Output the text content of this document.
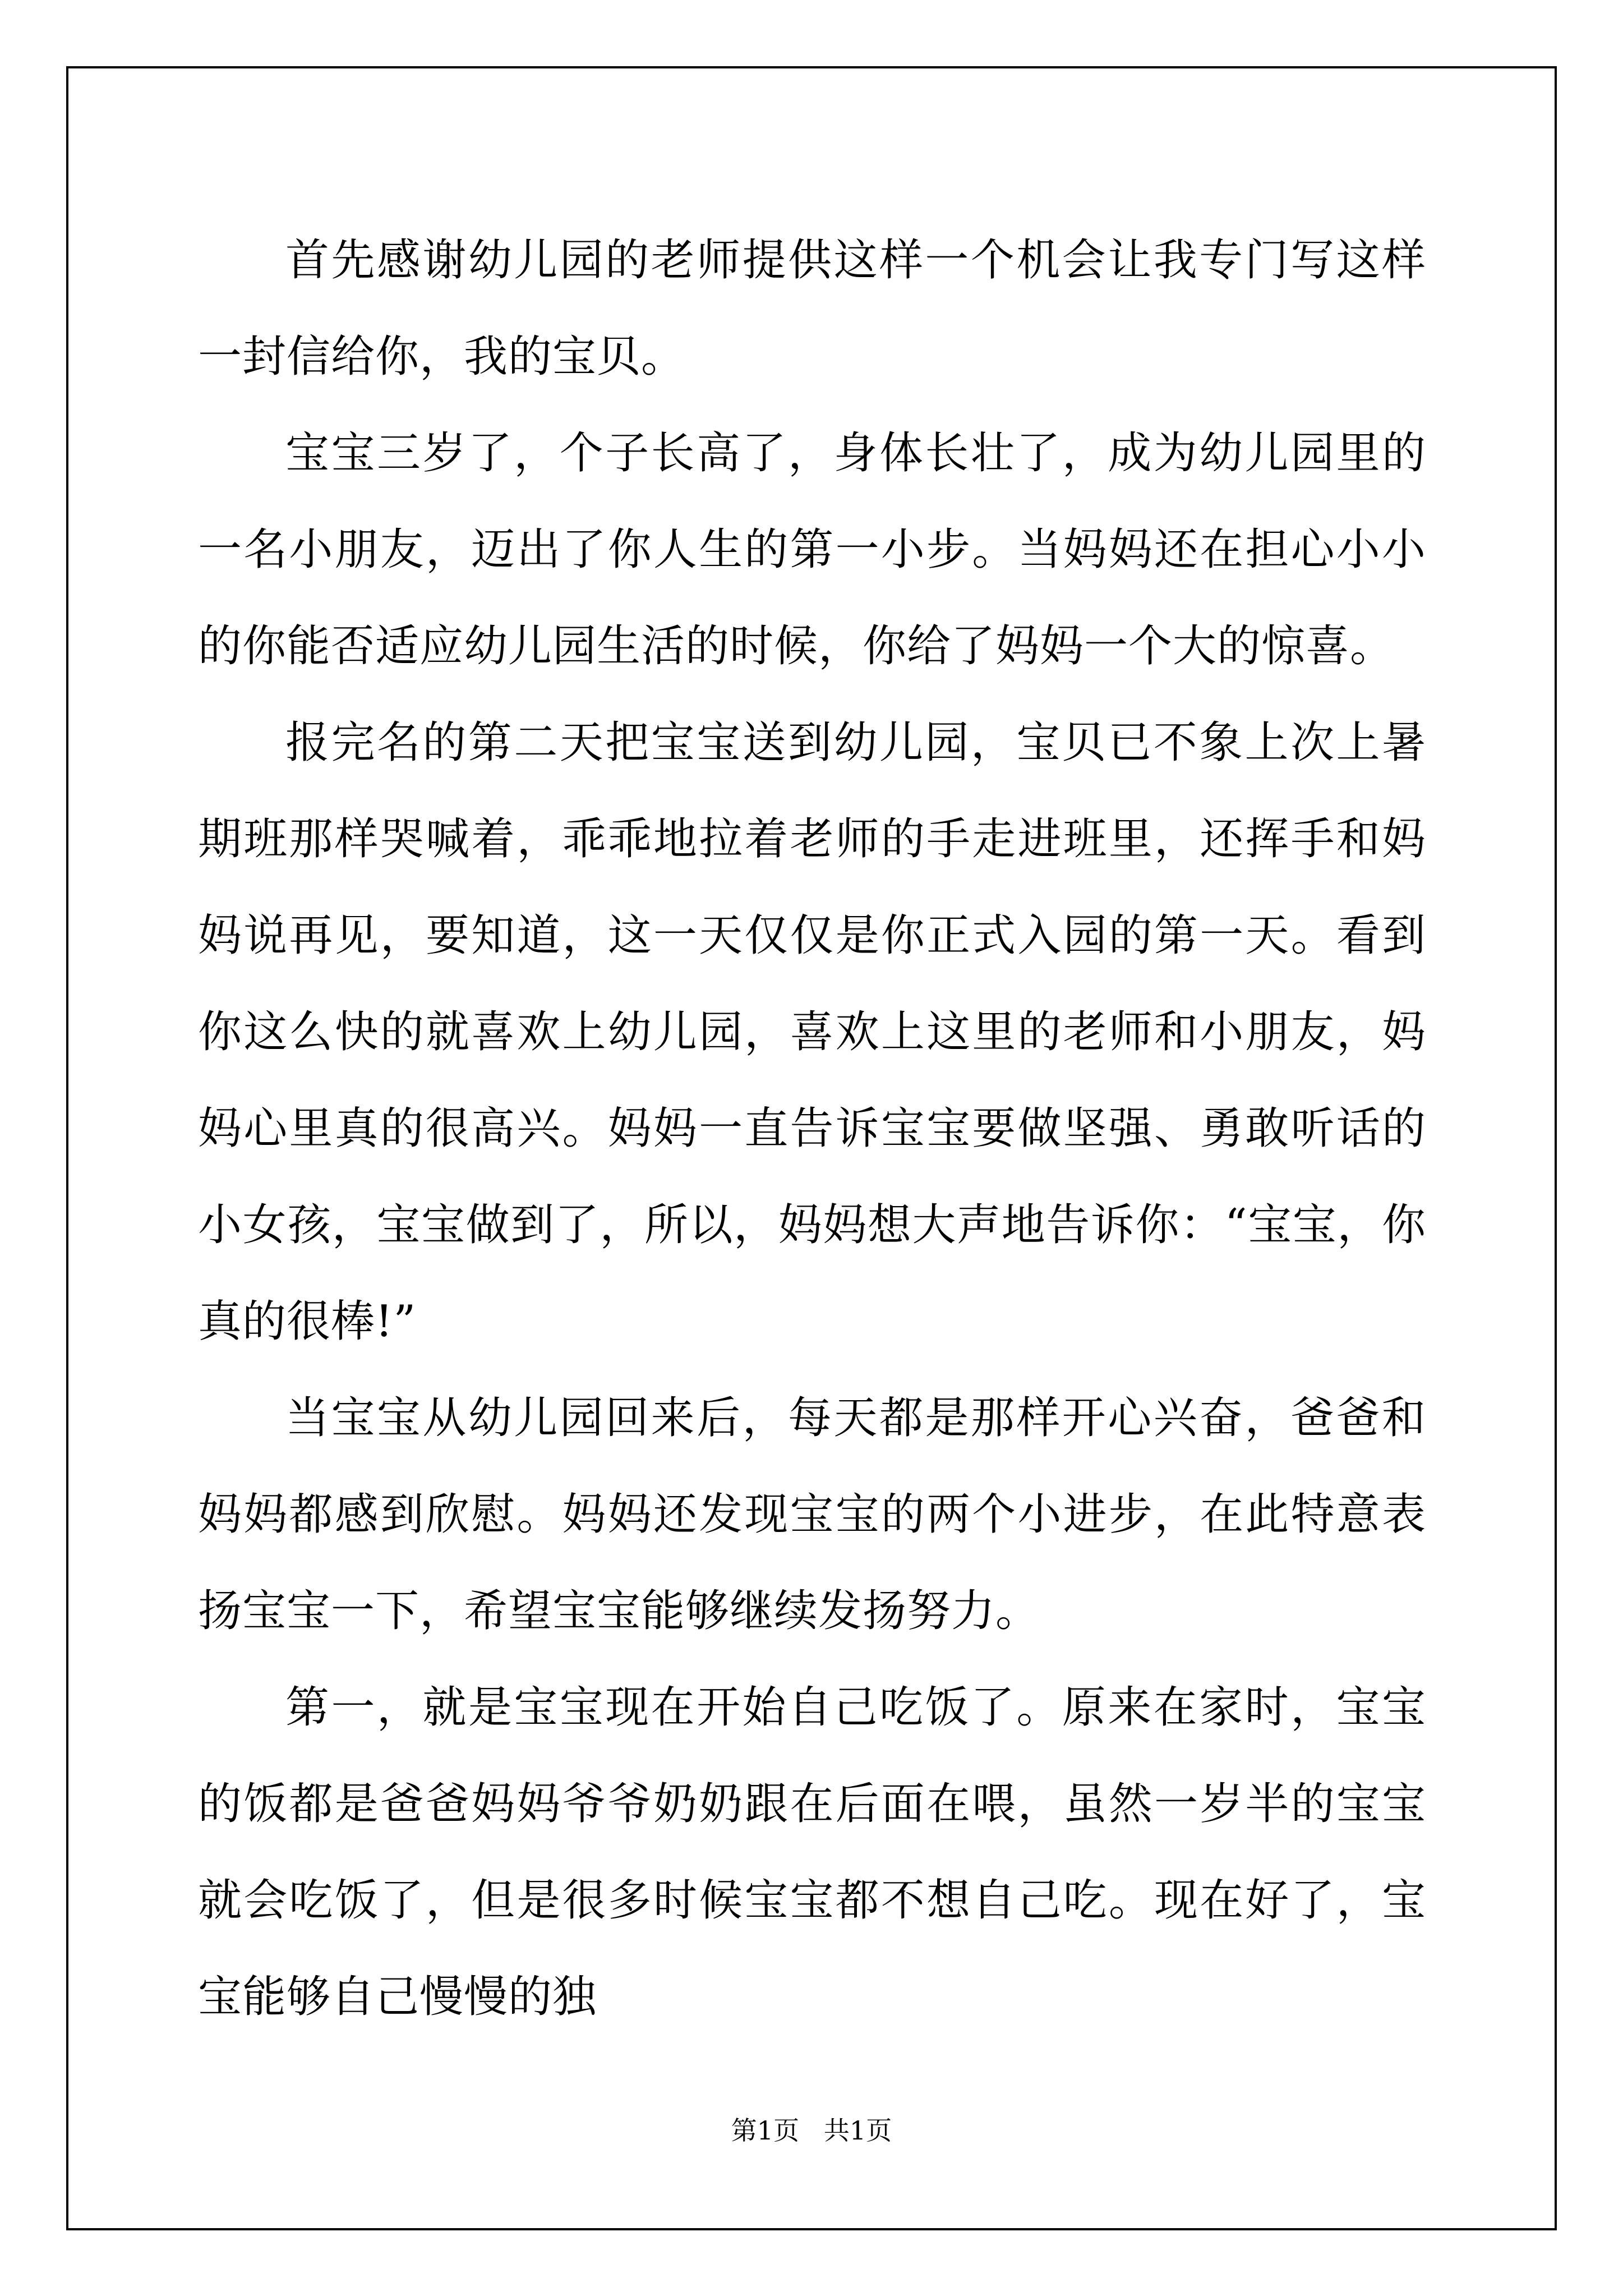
首先感谢幼儿园的老师提供这样一个机会让我专门写这样一封信给你，我的宝贝。

宝宝三岁了，个子长高了，身体长壮了，成为幼儿园里的一名小朋友，迈出了你人生的第一小步。当妈妈还在担心小小的你能否适应幼儿园生活的时候，你给了妈妈一个大的惊喜。

报完名的第二天把宝宝送到幼儿园，宝贝已不象上次上暑期班那样哭喊着，乖乖地拉着老师的手走进班里，还挥手和妈妈说再见，要知道，这一天仅仅是你正式入园的第一天。看到你这么快的就喜欢上幼儿园，喜欢上这里的老师和小朋友，妈妈心里真的很高兴。妈妈一直告诉宝宝要做坚强、勇敢听话的小女孩，宝宝做到了，所以，妈妈想大声地告诉你：“宝宝，你真的很棒!”

当宝宝从幼儿园回来后，每天都是那样开心兴奋，爸爸和妈妈都感到欣慰。妈妈还发现宝宝的两个小进步，在此特意表扬宝宝一下，希望宝宝能够继续发扬努力。

第一，就是宝宝现在开始自己吃饭了。原来在家时，宝宝的饭都是爸爸妈妈爷爷奶奶跟在后面在喂，虽然一岁半的宝宝就会吃饭了，但是很多时候宝宝都不想自己吃。现在好了，宝宝能够自己慢慢的独

第1页   共1页
